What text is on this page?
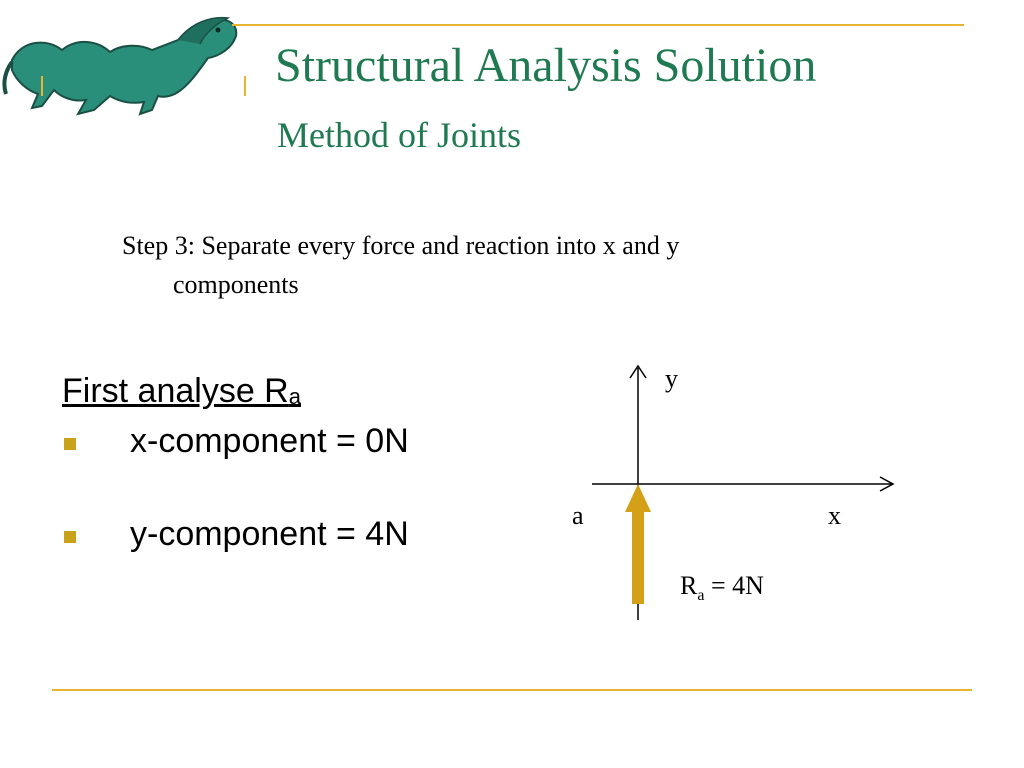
Structural Analysis Solution
Method of Joints
Step 3: Separate every force and reaction into x and y
components
First analyse $R_a$
x-component = 0N
y-component = 4N
y
x
a
$R_a = 4N$
